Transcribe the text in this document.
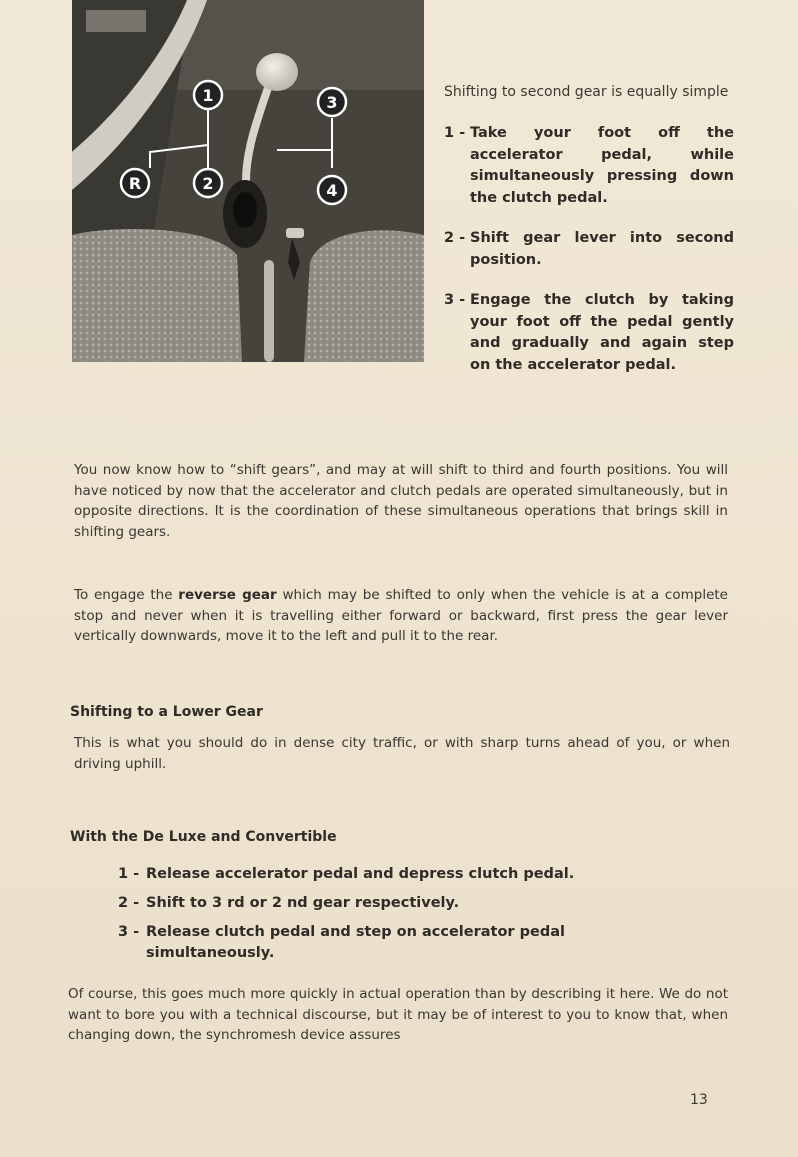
1	3
R	2	4

Shifting to second gear is equally simple

1 - Take your foot off the accelerator pedal, while simultaneously pressing down the clutch pedal.
2 - Shift gear lever into second position.
3 - Engage the clutch by taking your foot off the pedal gently and gradually and again step on the accelerator pedal.

You now know how to “shift gears”, and may at will shift to third and fourth positions. You will have noticed by now that the accelerator and clutch pedals are operated simultaneously, but in opposite directions. It is the coordination of these simultaneous operations that brings skill in shifting gears.

To engage the reverse gear which may be shifted to only when the vehicle is at a complete stop and never when it is travelling either forward or backward, first press the gear lever vertically downwards, move it to the left and pull it to the rear.

Shifting to a Lower Gear

This is what you should do in dense city traffic, or with sharp turns ahead of you, or when driving uphill.

With the De Luxe and Convertible
1 - Release accelerator pedal and depress clutch pedal.
2 - Shift to 3 rd or 2 nd gear respectively.
3 - Release clutch pedal and step on accelerator pedal simultaneously.

Of course, this goes much more quickly in actual operation than by describing it here. We do not want to bore you with a technical discourse, but it may be of interest to you to know that, when changing down, the synchromesh device assures

13
